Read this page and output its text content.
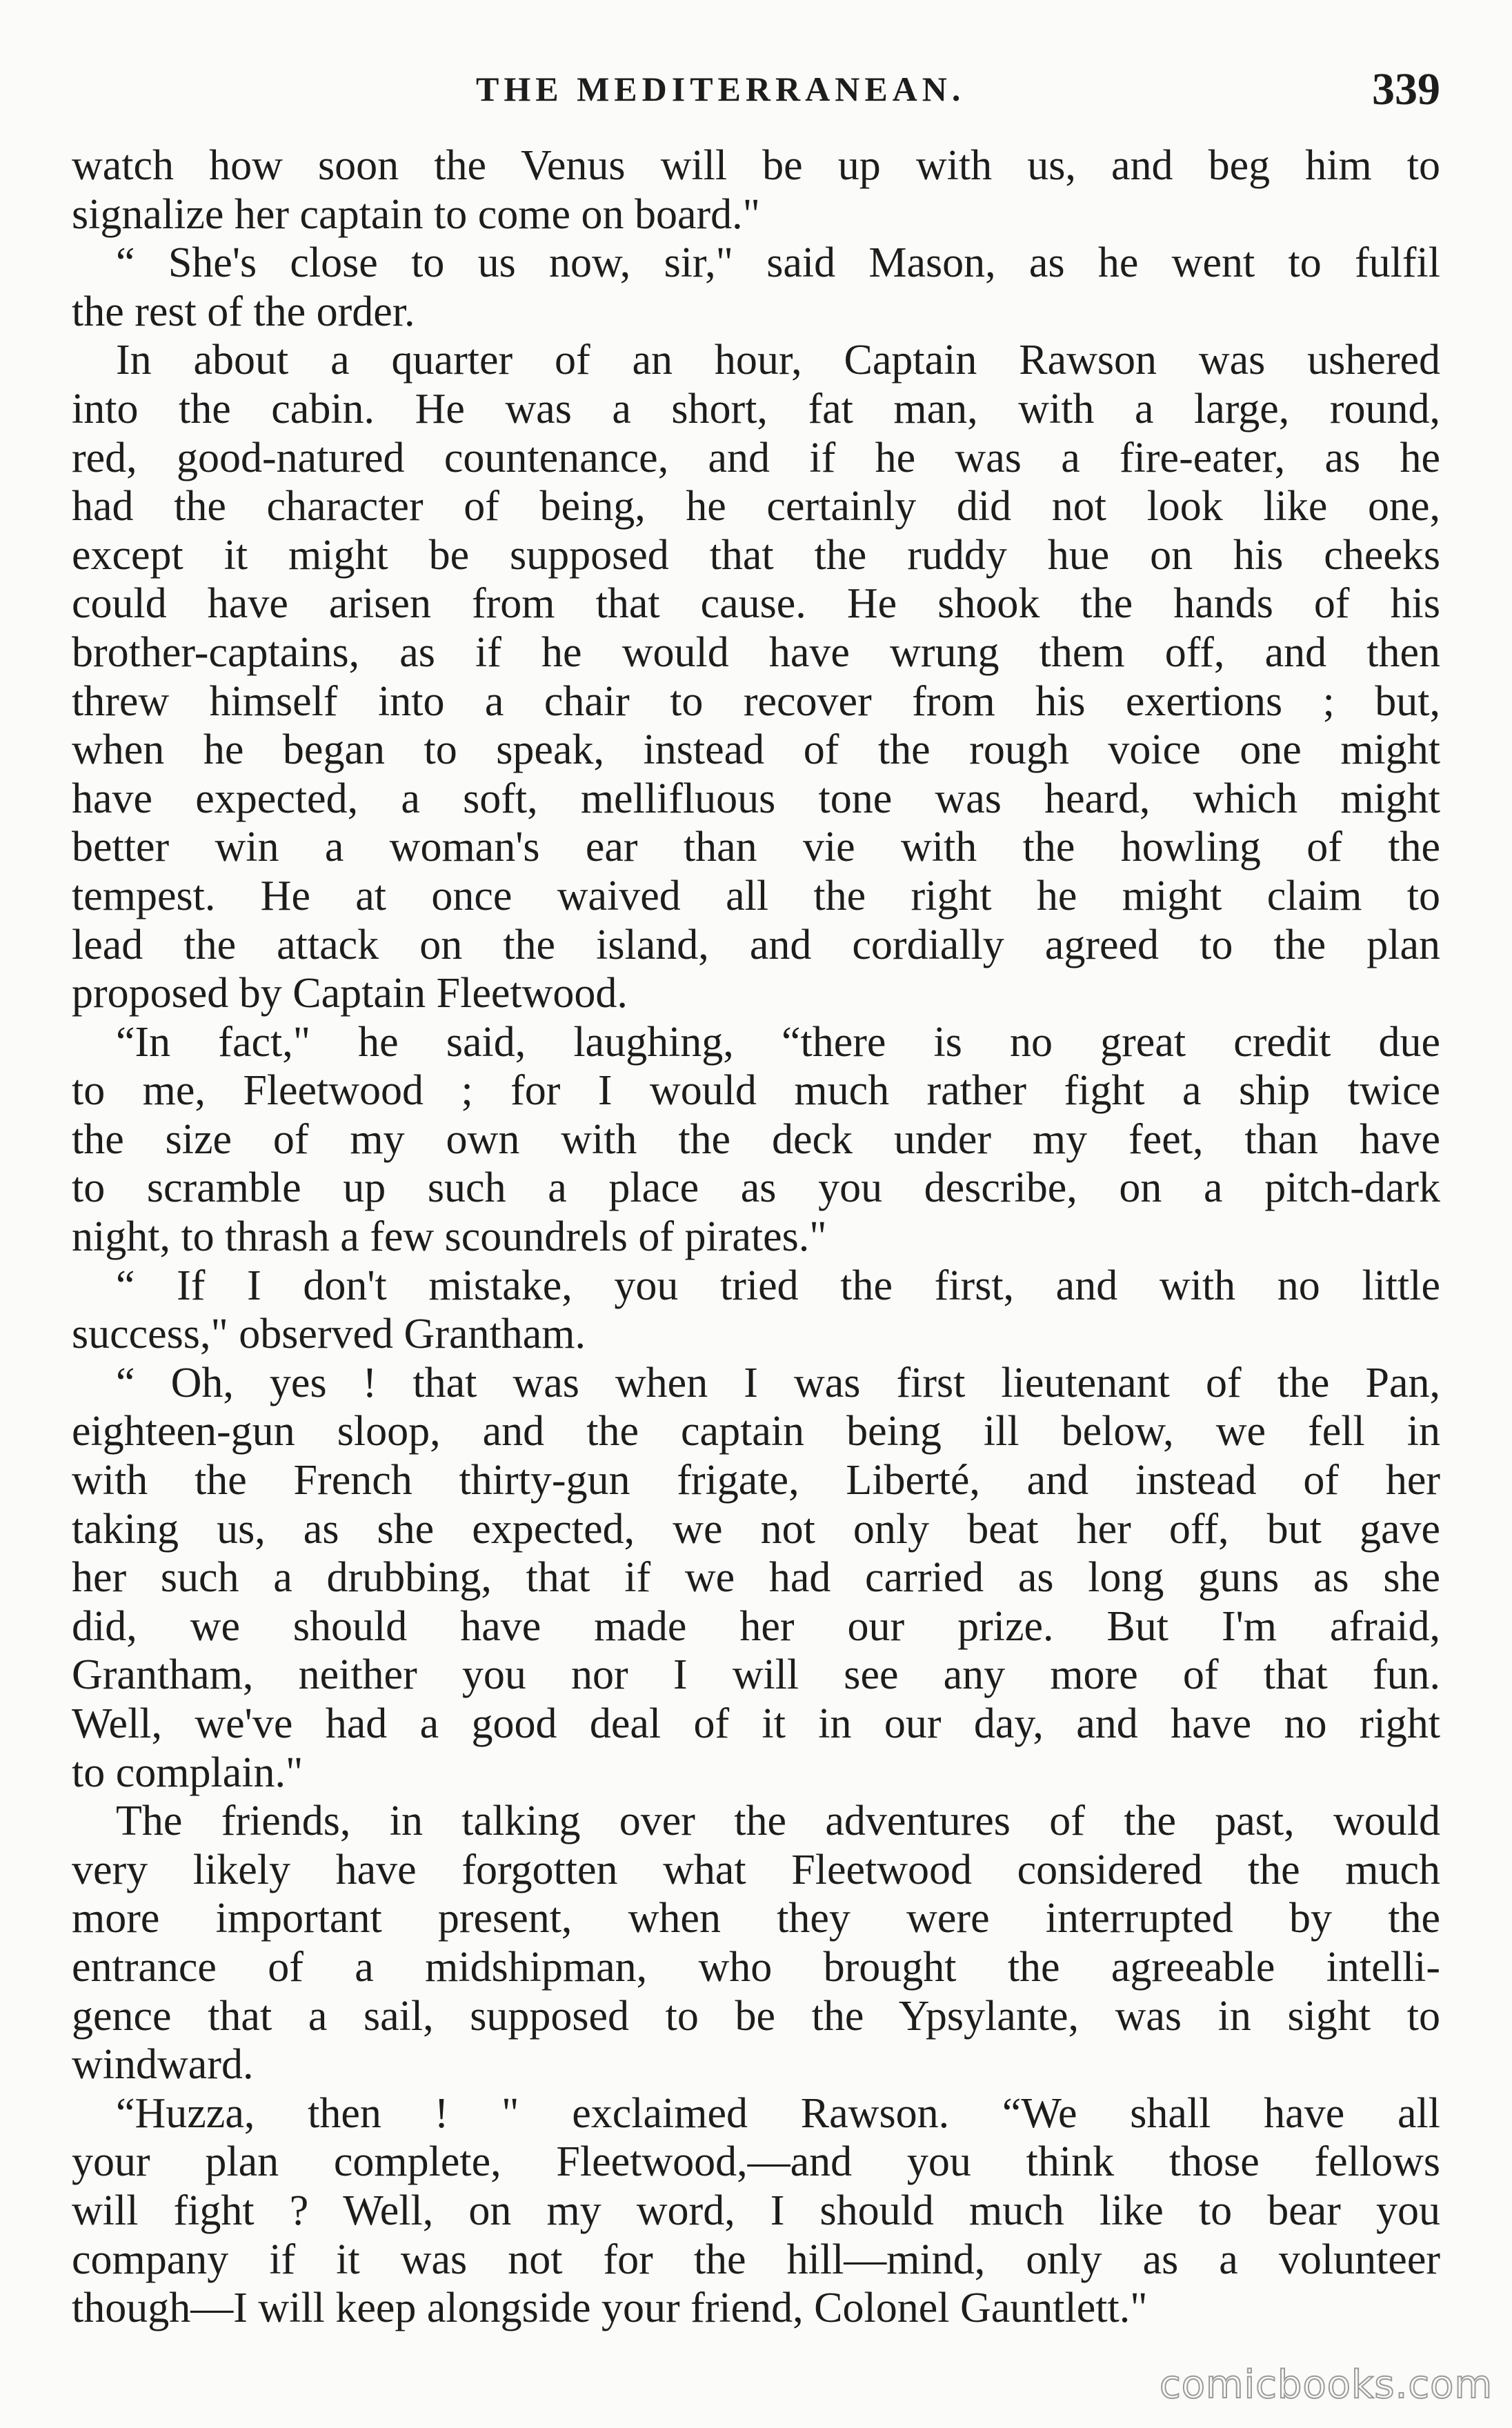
THE MEDITERRANEAN.	339
watch how soon the Venus will be up with us, and beg him to
signalize her captain to come on board."
“ She's close to us now, sir," said Mason, as he went to fulfil
the rest of the order.
In about a quarter of an hour, Captain Rawson was ushered
into the cabin. He was a short, fat man, with a large, round,
red, good-natured countenance, and if he was a fire-eater, as he
had the character of being, he certainly did not look like one,
except it might be supposed that the ruddy hue on his cheeks
could have arisen from that cause. He shook the hands of his
brother-captains, as if he would have wrung them off, and then
threw himself into a chair to recover from his exertions ; but,
when he began to speak, instead of the rough voice one might
have expected, a soft, mellifluous tone was heard, which might
better win a woman's ear than vie with the howling of the
tempest. He at once waived all the right he might claim to
lead the attack on the island, and cordially agreed to the plan
proposed by Captain Fleetwood.
“In fact," he said, laughing, “there is no great credit due
to me, Fleetwood ; for I would much rather fight a ship twice
the size of my own with the deck under my feet, than have
to scramble up such a place as you describe, on a pitch-dark
night, to thrash a few scoundrels of pirates."
“ If I don't mistake, you tried the first, and with no little
success," observed Grantham.
“ Oh, yes ! that was when I was first lieutenant of the Pan,
eighteen-gun sloop, and the captain being ill below, we fell in
with the French thirty-gun frigate, Liberté, and instead of her
taking us, as she expected, we not only beat her off, but gave
her such a drubbing, that if we had carried as long guns as she
did, we should have made her our prize. But I'm afraid,
Grantham, neither you nor I will see any more of that fun.
Well, we've had a good deal of it in our day, and have no right
to complain."
The friends, in talking over the adventures of the past, would
very likely have forgotten what Fleetwood considered the much
more important present, when they were interrupted by the
entrance of a midshipman, who brought the agreeable intelli-
gence that a sail, supposed to be the Ypsylante, was in sight to
windward.
“Huzza, then ! " exclaimed Rawson. “We shall have all
your plan complete, Fleetwood,—and you think those fellows
will fight ? Well, on my word, I should much like to bear you
company if it was not for the hill—mind, only as a volunteer
though—I will keep alongside your friend, Colonel Gauntlett."
comicbooks.com
